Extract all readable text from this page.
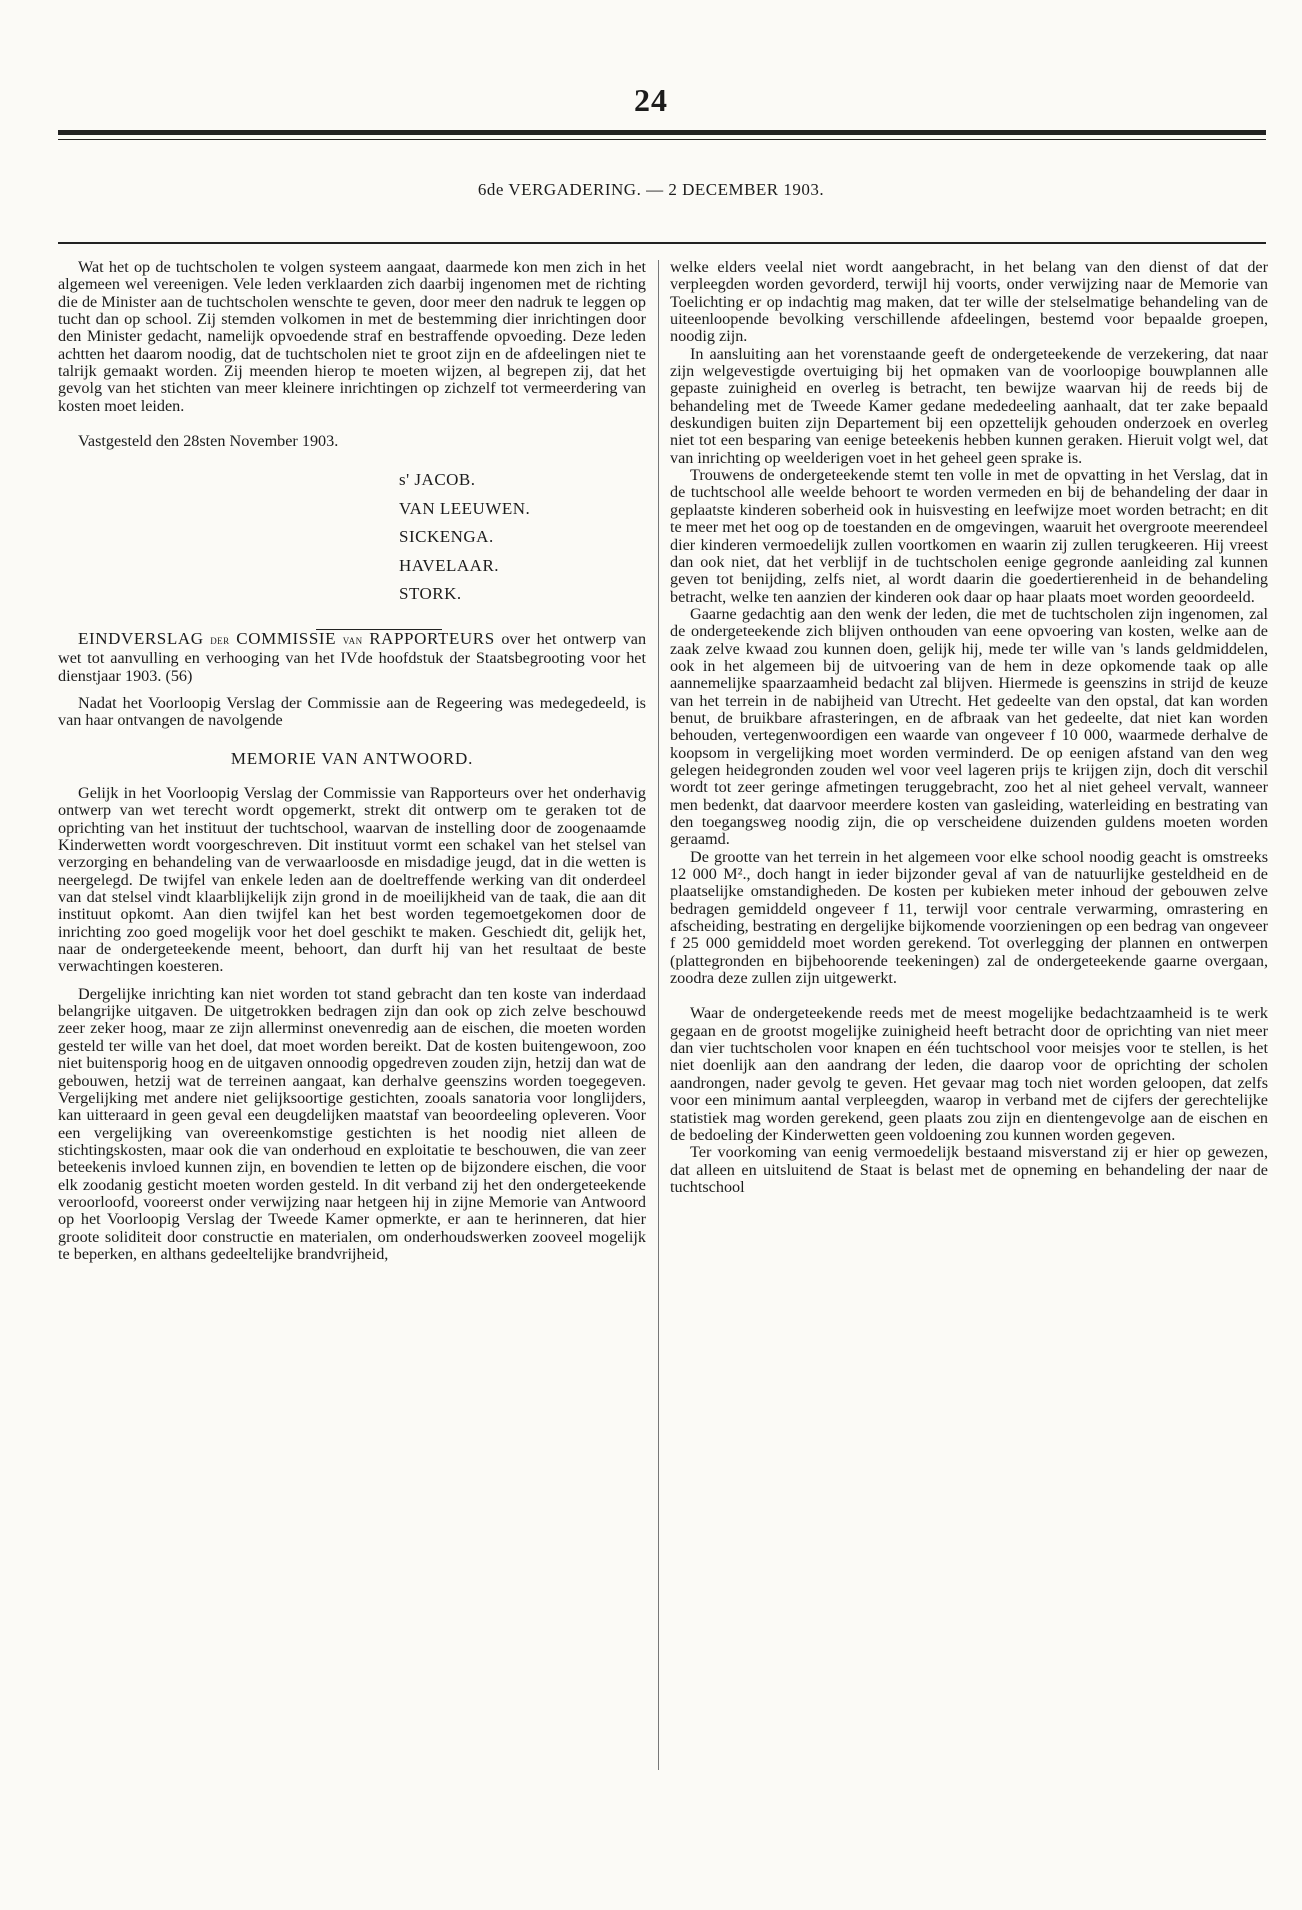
24
6de VERGADERING. — 2 DECEMBER 1903.

Wat het op de tuchtscholen te volgen systeem aangaat, daarmede kon men zich in het algemeen wel vereenigen. Vele leden verklaarden zich daarbij ingenomen met de richting die de Minister aan de tuchtscholen wenschte te geven, door meer den nadruk te leggen op tucht dan op school. Zij stemden volkomen in met de bestemming dier inrichtingen door den Minister gedacht, namelijk opvoedende straf en bestraffende opvoeding. Deze leden achtten het daarom noodig, dat de tuchtscholen niet te groot zijn en de afdeelingen niet te talrijk gemaakt worden. Zij meenden hierop te moeten wijzen, al begrepen zij, dat het gevolg van het stichten van meer kleinere inrichtingen op zichzelf tot vermeerdering van kosten moet leiden.

Vastgesteld den 28sten November 1903.

s' JACOB.
VAN LEEUWEN.
SICKENGA.
HAVELAAR.
STORK.

EINDVERSLAG DER COMMISSIE VAN RAPPORTEURS over het ontwerp van wet tot aanvulling en verhooging van het IVde hoofdstuk der Staatsbegrooting voor het dienstjaar 1903. (56)

Nadat het Voorloopig Verslag der Commissie aan de Regeering was medegedeeld, is van haar ontvangen de navolgende

MEMORIE VAN ANTWOORD.

Gelijk in het Voorloopig Verslag der Commissie van Rapporteurs over het onderhavig ontwerp van wet terecht wordt opgemerkt, strekt dit ontwerp om te geraken tot de oprichting van het instituut der tuchtschool, waarvan de instelling door de zoogenaamde Kinderwetten wordt voorgeschreven. Dit instituut vormt een schakel van het stelsel van verzorging en behandeling van de verwaarloosde en misdadige jeugd, dat in die wetten is neergelegd. De twijfel van enkele leden aan de doeltreffende werking van dit onderdeel van dat stelsel vindt klaarblijkelijk zijn grond in de moeilijkheid van de taak, die aan dit instituut opkomt. Aan dien twijfel kan het best worden tegemoetgekomen door de inrichting zoo goed mogelijk voor het doel geschikt te maken. Geschiedt dit, gelijk het, naar de ondergeteekende meent, behoort, dan durft hij van het resultaat de beste verwachtingen koesteren.

Dergelijke inrichting kan niet worden tot stand gebracht dan ten koste van inderdaad belangrijke uitgaven. De uitgetrokken bedragen zijn dan ook op zich zelve beschouwd zeer zeker hoog, maar ze zijn allerminst onevenredig aan de eischen, die moeten worden gesteld ter wille van het doel, dat moet worden bereikt. Dat de kosten buitengewoon, zoo niet buitensporig hoog en de uitgaven onnoodig opgedreven zouden zijn, hetzij dan wat de gebouwen, hetzij wat de terreinen aangaat, kan derhalve geenszins worden toegegeven. Vergelijking met andere niet gelijksoortige gestichten, zooals sanatoria voor longlijders, kan uitteraard in geen geval een deugdelijken maatstaf van beoordeeling opleveren. Voor een vergelijking van overeenkomstige gestichten is het noodig niet alleen de stichtingskosten, maar ook die van onderhoud en exploitatie te beschouwen, die van zeer beteekenis invloed kunnen zijn, en bovendien te letten op de bijzondere eischen, die voor elk zoodanig gesticht moeten worden gesteld. In dit verband zij het den ondergeteekende veroorloofd, vooreerst onder verwijzing naar hetgeen hij in zijne Memorie van Antwoord op het Voorloopig Verslag der Tweede Kamer opmerkte, er aan te herinneren, dat hier groote soliditeit door constructie en materialen, om onderhoudswerken zooveel mogelijk te beperken, en althans gedeeltelijke brandvrijheid,

welke elders veelal niet wordt aangebracht, in het belang van den dienst of dat der verpleegden worden gevorderd, terwijl hij voorts, onder verwijzing naar de Memorie van Toelichting er op indachtig mag maken, dat ter wille der stelselmatige behandeling van de uiteenloopende bevolking verschillende afdeelingen, bestemd voor bepaalde groepen, noodig zijn.

In aansluiting aan het vorenstaande geeft de ondergeteekende de verzekering, dat naar zijn welgevestigde overtuiging bij het opmaken van de voorloopige bouwplannen alle gepaste zuinigheid en overleg is betracht, ten bewijze waarvan hij de reeds bij de behandeling met de Tweede Kamer gedane mededeeling aanhaalt, dat ter zake bepaald deskundigen buiten zijn Departement bij een opzettelijk gehouden onderzoek en overleg niet tot een besparing van eenige beteekenis hebben kunnen geraken. Hieruit volgt wel, dat van inrichting op weelderigen voet in het geheel geen sprake is.

Trouwens de ondergeteekende stemt ten volle in met de opvatting in het Verslag, dat in de tuchtschool alle weelde behoort te worden vermeden en bij de behandeling der daar in geplaatste kinderen soberheid ook in huisvesting en leefwijze moet worden betracht; en dit te meer met het oog op de toestanden en de omgevingen, waaruit het overgroote meerendeel dier kinderen vermoedelijk zullen voortkomen en waarin zij zullen terugkeeren. Hij vreest dan ook niet, dat het verblijf in de tuchtscholen eenige gegronde aanleiding zal kunnen geven tot benijding, zelfs niet, al wordt daarin die goedertierenheid in de behandeling betracht, welke ten aanzien der kinderen ook daar op haar plaats moet worden geoordeeld.

Gaarne gedachtig aan den wenk der leden, die met de tuchtscholen zijn ingenomen, zal de ondergeteekende zich blijven onthouden van eene opvoering van kosten, welke aan de zaak zelve kwaad zou kunnen doen, gelijk hij, mede ter wille van 's lands geldmiddelen, ook in het algemeen bij de uitvoering van de hem in deze opkomende taak op alle aannemelijke spaarzaamheid bedacht zal blijven. Hiermede is geenszins in strijd de keuze van het terrein in de nabijheid van Utrecht. Het gedeelte van den opstal, dat kan worden benut, de bruikbare afrasteringen, en de afbraak van het gedeelte, dat niet kan worden behouden, vertegenwoordigen een waarde van ongeveer f 10 000, waarmede derhalve de koopsom in vergelijking moet worden verminderd. De op eenigen afstand van den weg gelegen heidegronden zouden wel voor veel lageren prijs te krijgen zijn, doch dit verschil wordt tot zeer geringe afmetingen teruggebracht, zoo het al niet geheel vervalt, wanneer men bedenkt, dat daarvoor meerdere kosten van gasleiding, waterleiding en bestrating van den toegangsweg noodig zijn, die op verscheidene duizenden guldens moeten worden geraamd.

De grootte van het terrein in het algemeen voor elke school noodig geacht is omstreeks 12 000 M²., doch hangt in ieder bijzonder geval af van de natuurlijke gesteldheid en de plaatselijke omstandigheden. De kosten per kubieken meter inhoud der gebouwen zelve bedragen gemiddeld ongeveer f 11, terwijl voor centrale verwarming, omrastering en afscheiding, bestrating en dergelijke bijkomende voorzieningen op een bedrag van ongeveer f 25 000 gemiddeld moet worden gerekend. Tot overlegging der plannen en ontwerpen (plattegronden en bijbehoorende teekeningen) zal de ondergeteekende gaarne overgaan, zoodra deze zullen zijn uitgewerkt.

Waar de ondergeteekende reeds met de meest mogelijke bedachtzaamheid is te werk gegaan en de grootst mogelijke zuinigheid heeft betracht door de oprichting van niet meer dan vier tuchtscholen voor knapen en één tuchtschool voor meisjes voor te stellen, is het niet doenlijk aan den aandrang der leden, die daarop voor de oprichting der scholen aandrongen, nader gevolg te geven. Het gevaar mag toch niet worden geloopen, dat zelfs voor een minimum aantal verpleegden, waarop in verband met de cijfers der gerechtelijke statistiek mag worden gerekend, geen plaats zou zijn en dientengevolge aan de eischen en de bedoeling der Kinderwetten geen voldoening zou kunnen worden gegeven.

Ter voorkoming van eenig vermoedelijk bestaand misverstand zij er hier op gewezen, dat alleen en uitsluitend de Staat is belast met de opneming en behandeling der naar de tuchtschool
